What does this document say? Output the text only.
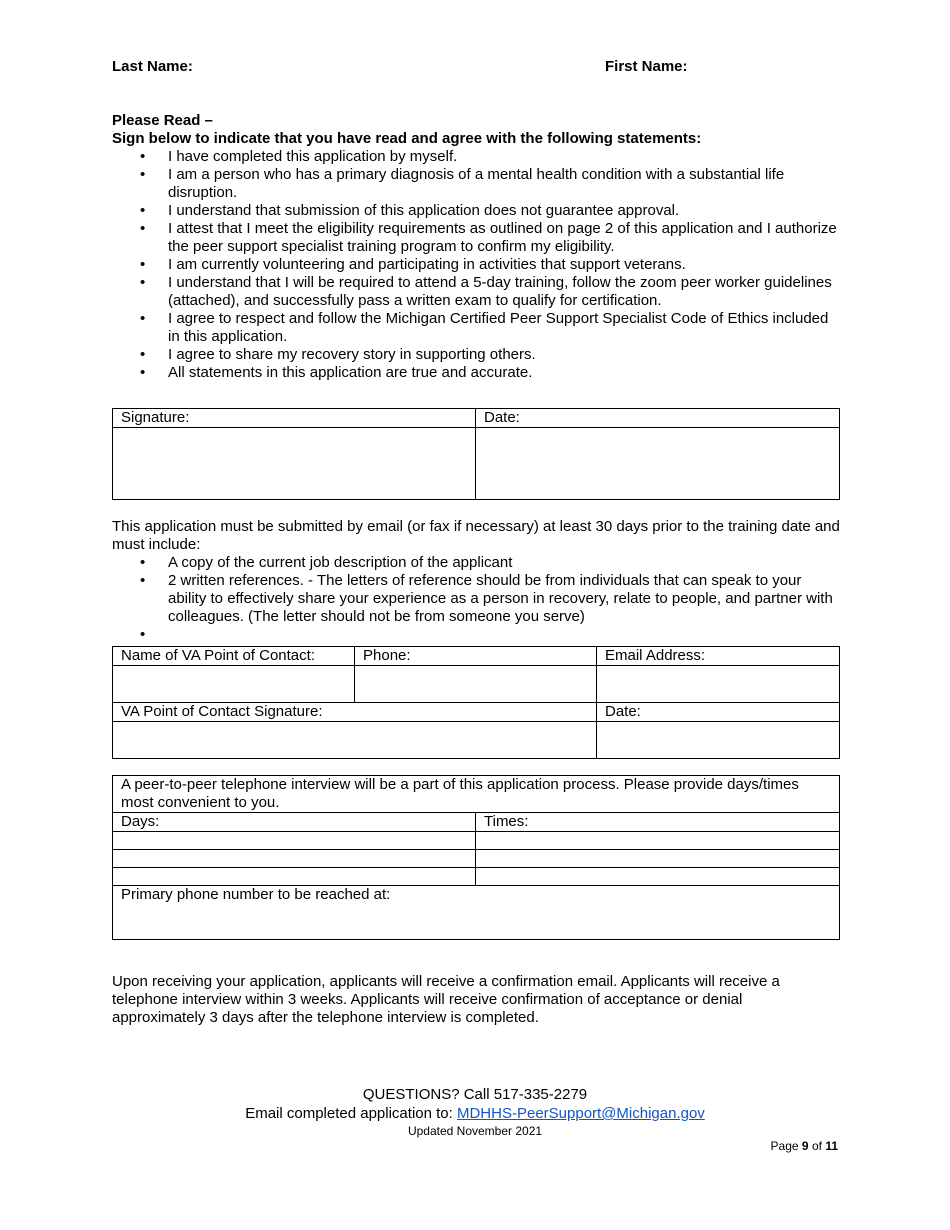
Last Name:	First Name:
Please Read –
Sign below to indicate that you have read and agree with the following statements:
• I have completed this application by myself.
• I am a person who has a primary diagnosis of a mental health condition with a substantial life disruption.
• I understand that submission of this application does not guarantee approval.
• I attest that I meet the eligibility requirements as outlined on page 2 of this application and I authorize the peer support specialist training program to confirm my eligibility.
• I am currently volunteering and participating in activities that support veterans.
• I understand that I will be required to attend a 5-day training, follow the zoom peer worker guidelines (attached), and successfully pass a written exam to qualify for certification.
• I agree to respect and follow the Michigan Certified Peer Support Specialist Code of Ethics included in this application.
• I agree to share my recovery story in supporting others.
• All statements in this application are true and accurate.
Signature:	Date:

This application must be submitted by email (or fax if necessary) at least 30 days prior to the training date and must include:
• A copy of the current job description of the applicant
• 2 written references. - The letters of reference should be from individuals that can speak to your ability to effectively share your experience as a person in recovery, relate to people, and partner with colleagues. (The letter should not be from someone you serve)
•
Name of VA Point of Contact:	Phone:	Email Address:

VA Point of Contact Signature:		Date:

A peer-to-peer telephone interview will be a part of this application process. Please provide days/times most convenient to you.	
Days:	Times:

Primary phone number to be reached at:	
Upon receiving your application, applicants will receive a confirmation email. Applicants will receive a telephone interview within 3 weeks. Applicants will receive confirmation of acceptance or denial approximately 3 days after the telephone interview is completed.
QUESTIONS? Call 517-335-2279
Email completed application to: MDHHS-PeerSupport@Michigan.gov
Updated November 2021
Page 9 of 11
